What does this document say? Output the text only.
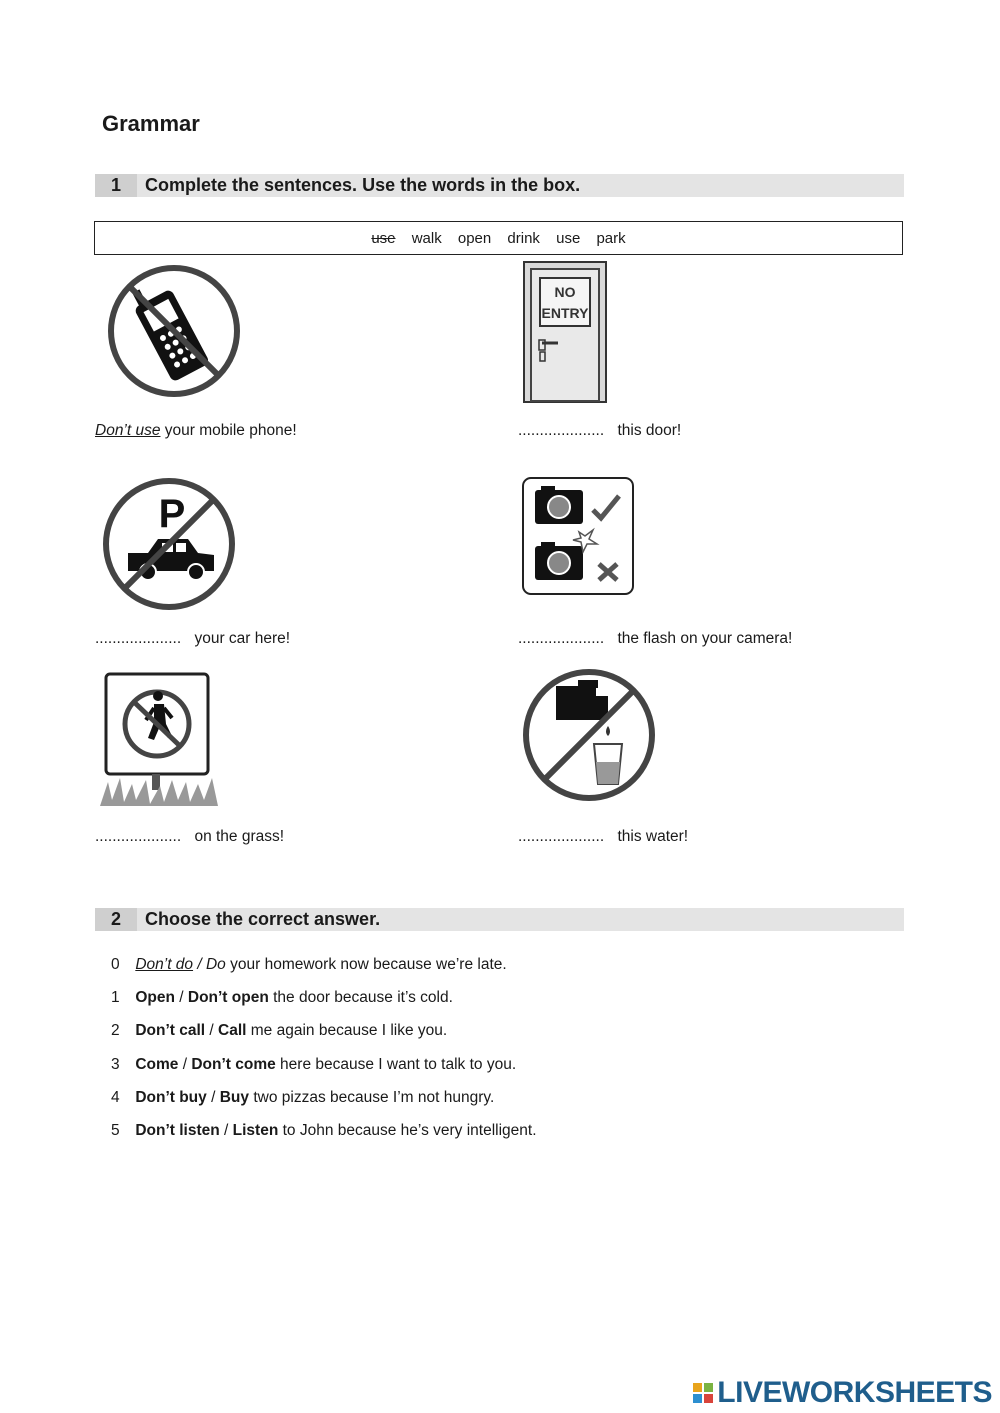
Grammar
1	Complete the sentences. Use the words in the box.
use walk open drink use park
NO
ENTRY
Don’t use your mobile phone!	.................... this door!
P
.................... your car here!	.................... the flash on your camera!
.................... on the grass!	.................... this water!
2	Choose the correct answer.
0 Don’t do / Do your homework now because we’re late.
1 Open / Don’t open the door because it’s cold.
2 Don’t call / Call me again because I like you.
3 Come / Don’t come here because I want to talk to you.
4 Don’t buy / Buy two pizzas because I’m not hungry.
5 Don’t listen / Listen to John because he’s very intelligent.
LIVEWORKSHEETS
